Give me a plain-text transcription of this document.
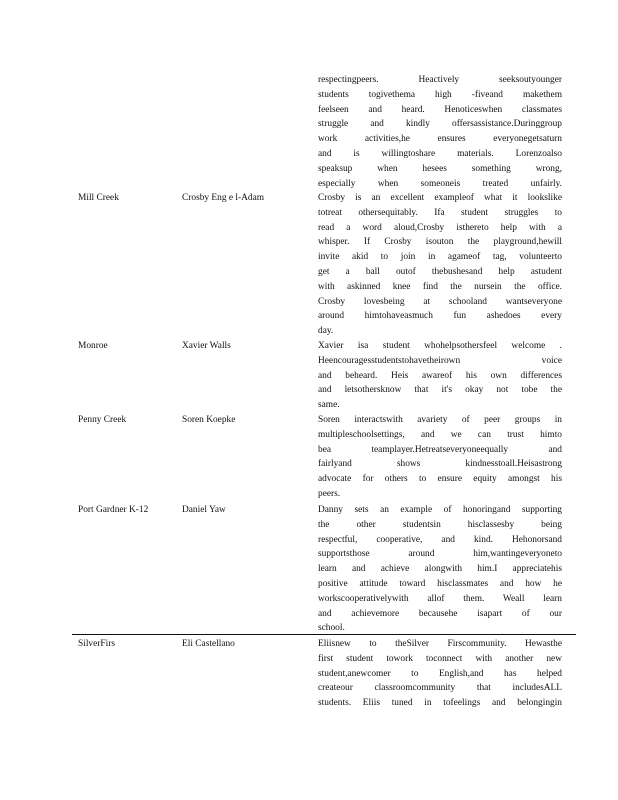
respectingpeers. Heactively seeksoutyounger
students togivethema high -fiveand makethem
feelseen and heard. Henoticeswhen classmates
struggle and kindly offersassistance.Duringgroup
work activities,he ensures everyonegetsaturn
and is willingtoshare materials. Lorenzoalso
speaksup when hesees something wrong,
especially when someoneis treated unfairly.
Mill Creek	Crosby Eng e l-Adam	Crosby is an excellent exampleof what it lookslike
totreat othersequitably. Ifa student struggles to
read a word aloud,Crosby isthereto help with a
whisper. If Crosby isouton the playground,hewill
invite akid to join in agameof tag, volunteerto
get a ball outof thebushesand help astudent
with askinned knee find the nursein the office.
Crosby lovesbeing at schooland wantseveryone
around himtohaveasmuch fun ashedoes every
day.
Monroe	Xavier Walls	Xavier isa student whohelpsothersfeel welcome .
Heencouragesstudentstohavetheirown voice
and beheard. Heis awareof his own differences
and letsothersknow that it's okay not tobe the
same.
Penny Creek	Soren Koepke	Soren interactswith avariety of peer groups in
multipleschoolsettings, and we can trust himto
bea teamplayer.Hetreatseveryoneequally and
fairlyand shows kindnesstoall.Heisastrong
advocate for others to ensure equity amongst his
peers.
Port Gardner K-12	Daniel Yaw	Danny sets an example of honoringand supporting
the other studentsin hisclassesby being
respectful, cooperative, and kind. Hehonorsand
supportsthose around him,wantingeveryoneto
learn and achieve alongwith him.I appreciatehis
positive attitude toward hisclassmates and how he
workscooperativelywith allof them. Weall learn
and achievemore becausehe isapart of our
school.
SilverFirs	Eli Castellano	Eliisnew to theSilver Firscommunity. Hewasthe
first student towork toconnect with another new
student,anewcomer to English,and has helped
createour classroomcommunity that includesALL
students. Eliis tuned in tofeelings and belongingin
